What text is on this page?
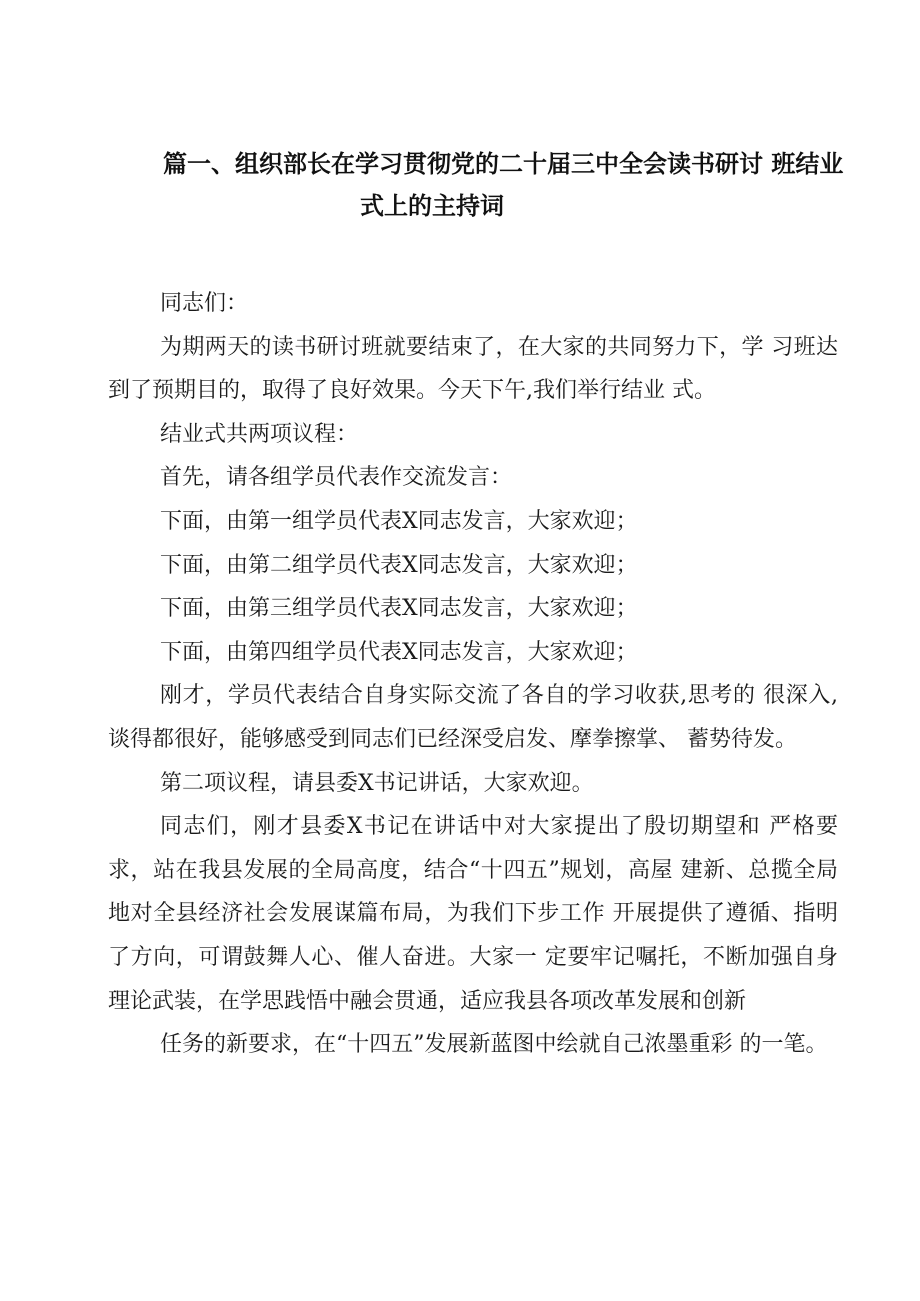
篇一、组织部长在学习贯彻党的二十届三中全会读书研讨 班结业
式上的主持词

同志们：

为期两天的读书研讨班就要结束了，在大家的共同努力下，学 习班达到了预期目的，取得了良好效果。今天下午,我们举行结业 式。

结业式共两项议程：

首先，请各组学员代表作交流发言：

下面，由第一组学员代表X同志发言，大家欢迎；

下面，由第二组学员代表X同志发言，大家欢迎；

下面，由第三组学员代表X同志发言，大家欢迎；

下面，由第四组学员代表X同志发言，大家欢迎；

刚才，学员代表结合自身实际交流了各自的学习收获,思考的 很深入,谈得都很好，能够感受到同志们已经深受启发、摩拳擦掌、 蓄势待发。

第二项议程，请县委X书记讲话，大家欢迎。

同志们，刚才县委X书记在讲话中对大家提出了殷切期望和 严格要求，站在我县发展的全局高度，结合“十四五”规划，高屋 建新、总揽全局地对全县经济社会发展谋篇布局，为我们下步工作 开展提供了遵循、指明了方向，可谓鼓舞人心、催人奋进。大家一 定要牢记嘱托，不断加强自身理论武装，在学思践悟中融会贯通，适应我县各项改革发展和创新

任务的新要求，在“十四五”发展新蓝图中绘就自己浓墨重彩 的一笔。
